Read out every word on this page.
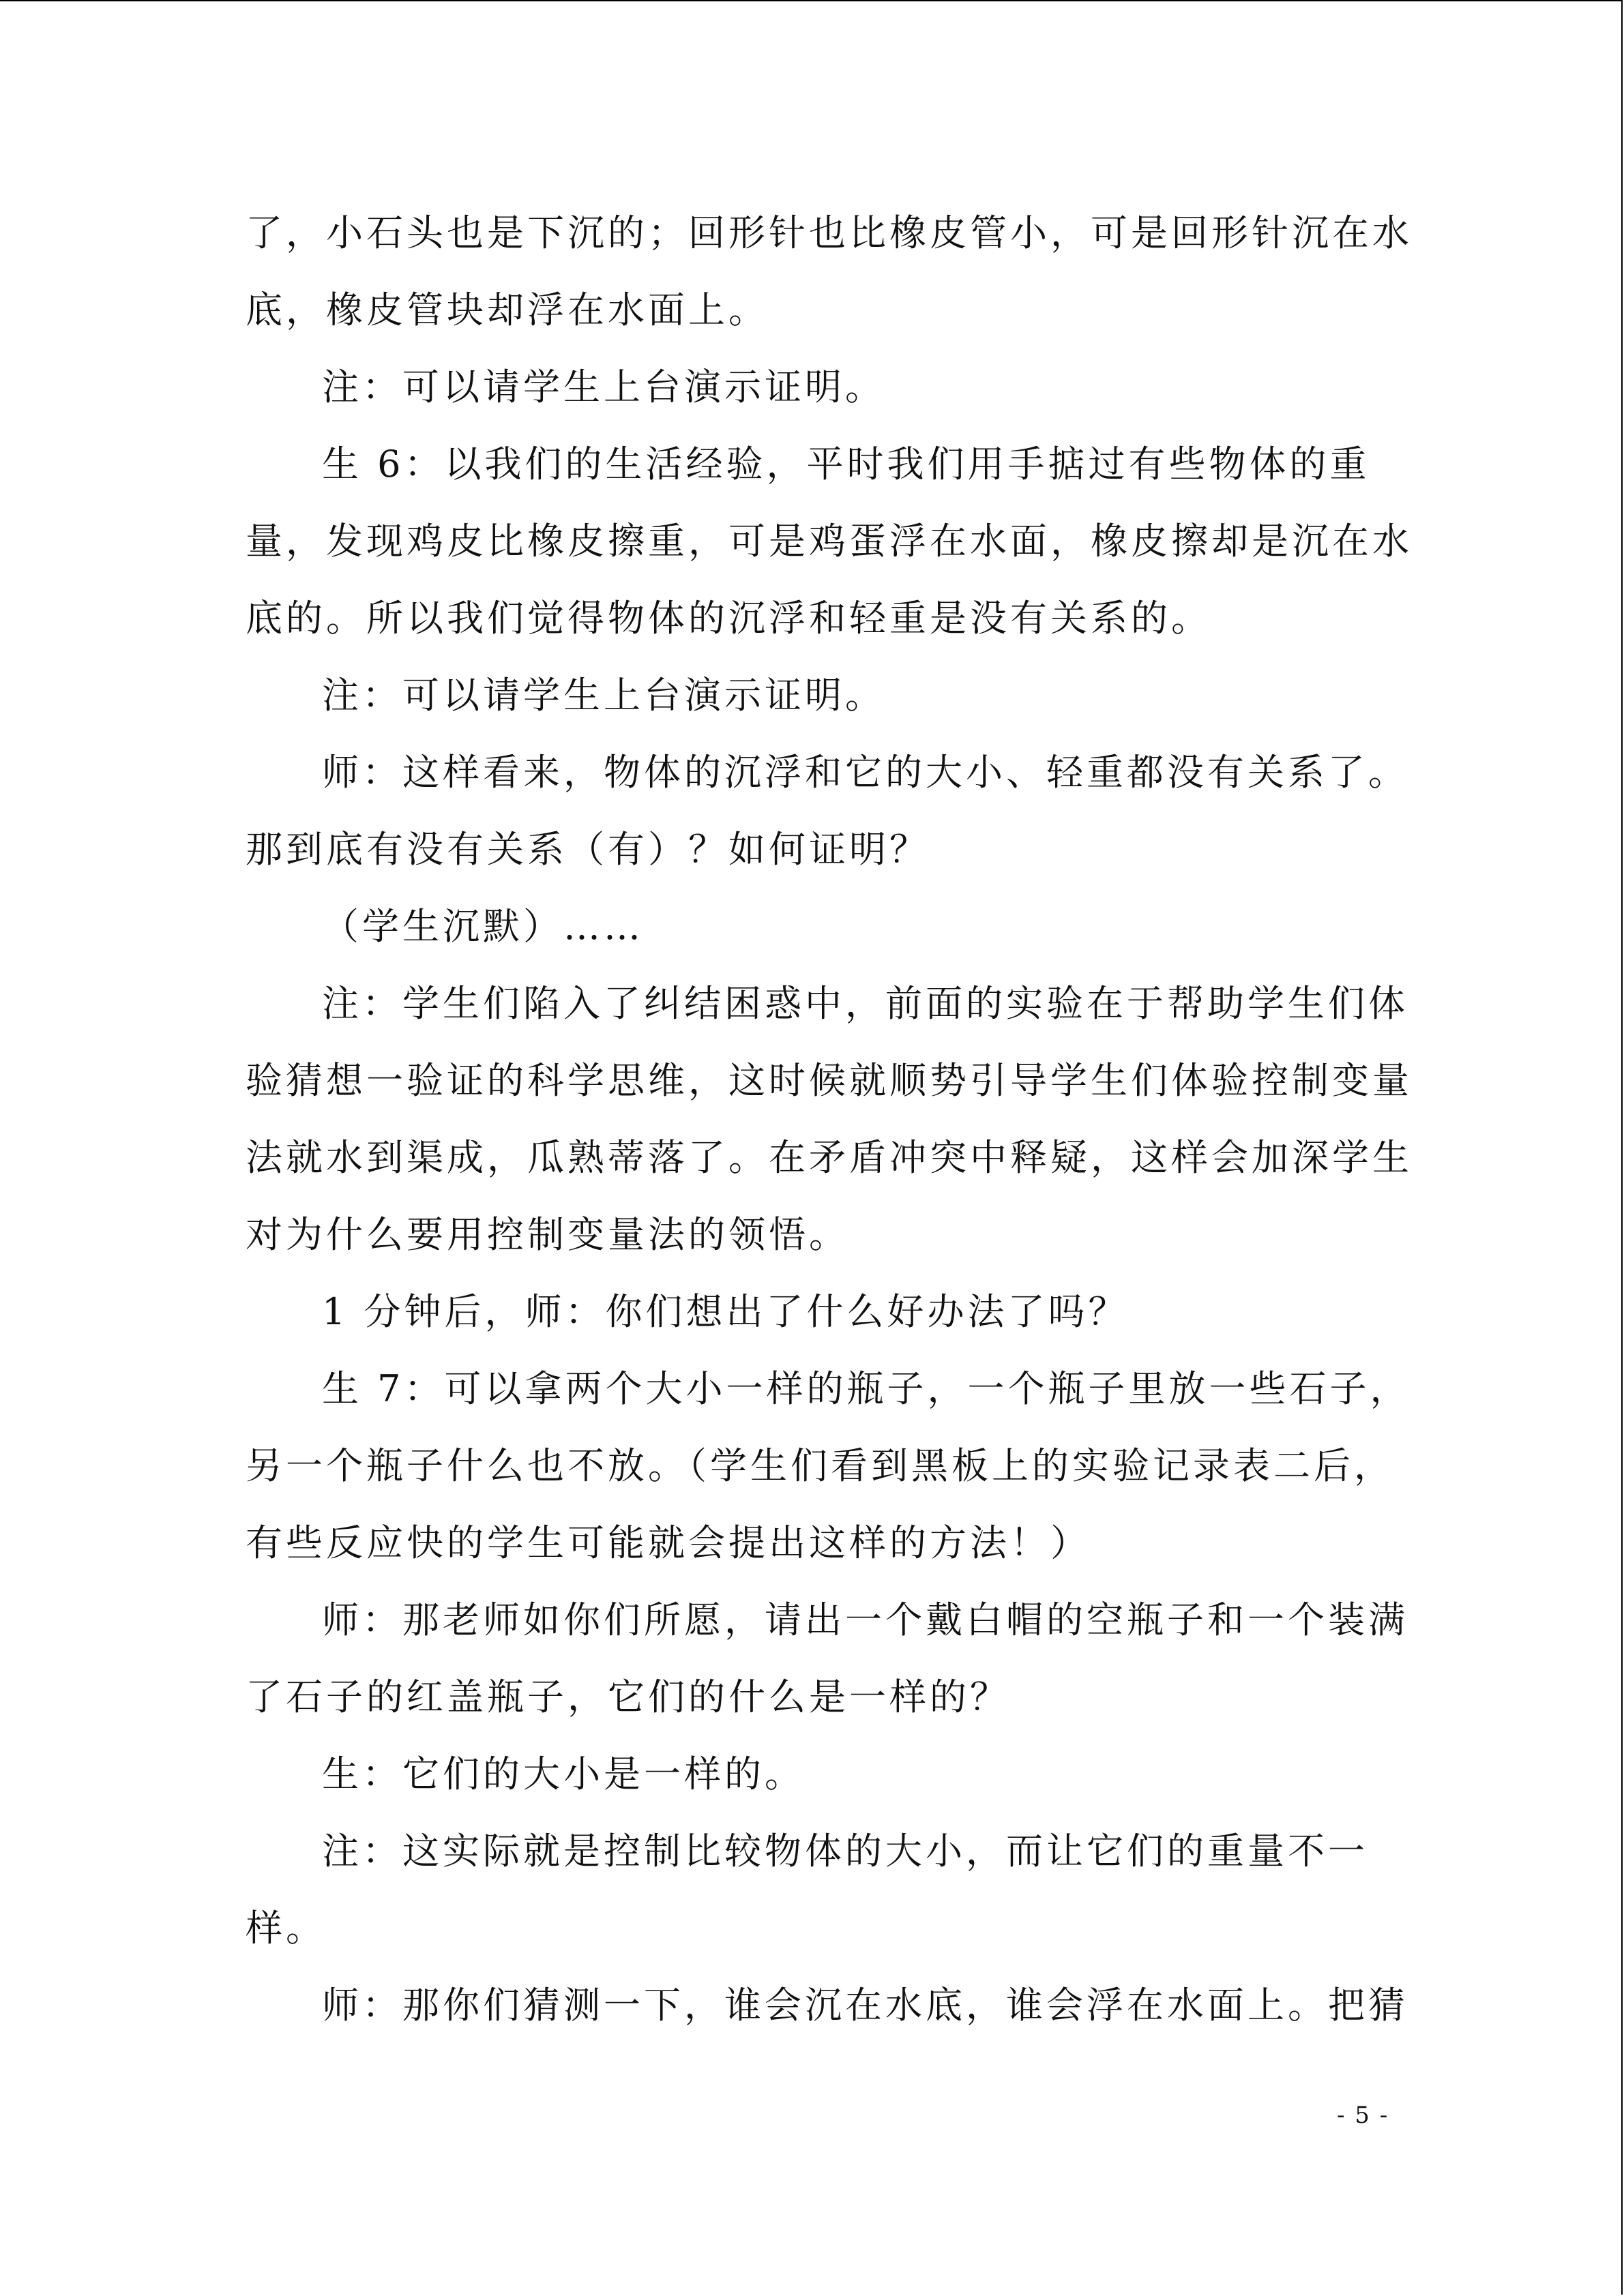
了，小石头也是下沉的；回形针也比橡皮管小，可是回形针沉在水
底，橡皮管块却浮在水面上。
注：可以请学生上台演示证明。
生 6：以我们的生活经验，平时我们用手掂过有些物体的重
量，发现鸡皮比橡皮擦重，可是鸡蛋浮在水面，橡皮擦却是沉在水
底的。所以我们觉得物体的沉浮和轻重是没有关系的。
注：可以请学生上台演示证明。
师：这样看来，物体的沉浮和它的大小、轻重都没有关系了。
那到底有没有关系（有）？如何证明？
（学生沉默）……
注：学生们陷入了纠结困惑中，前面的实验在于帮助学生们体
验猜想一验证的科学思维，这时候就顺势引导学生们体验控制变量
法就水到渠成，瓜熟蒂落了。在矛盾冲突中释疑，这样会加深学生
对为什么要用控制变量法的领悟。
1 分钟后，师：你们想出了什么好办法了吗？
生 7：可以拿两个大小一样的瓶子，一个瓶子里放一些石子，
另一个瓶子什么也不放。（学生们看到黑板上的实验记录表二后，
有些反应快的学生可能就会提出这样的方法！）
师：那老师如你们所愿，请出一个戴白帽的空瓶子和一个装满
了石子的红盖瓶子，它们的什么是一样的？
生：它们的大小是一样的。
注：这实际就是控制比较物体的大小，而让它们的重量不一
样。
师：那你们猜测一下，谁会沉在水底，谁会浮在水面上。把猜
- 5 -
